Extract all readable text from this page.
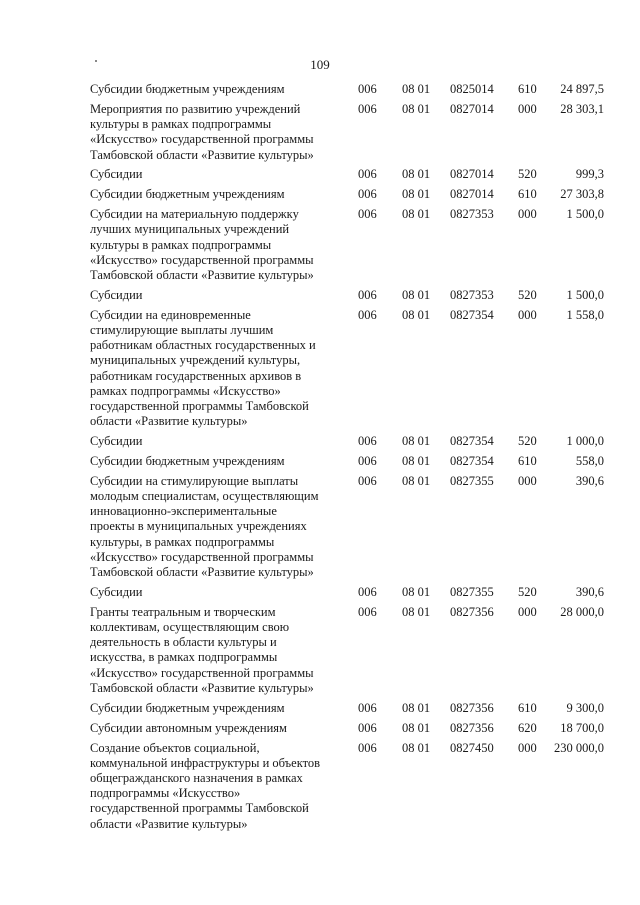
109
Субсидии бюджетным учреждениям	006	08 01	0825014	610	24 897,5
Мероприятия по развитию учреждений
культуры в рамках подпрограммы
«Искусство» государственной программы
Тамбовской области «Развитие культуры»
006	08 01	0827014	000	28 303,1
Субсидии	006	08 01	0827014	520	999,3
Субсидии бюджетным учреждениям	006	08 01	0827014	610	27 303,8
Субсидии на материальную поддержку
лучших муниципальных учреждений
культуры в рамках подпрограммы
«Искусство» государственной программы
Тамбовской области «Развитие культуры»
006	08 01	0827353	000	1 500,0
Субсидии	006	08 01	0827353	520	1 500,0
Субсидии на единовременные
стимулирующие выплаты лучшим
работникам областных государственных и
муниципальных учреждений культуры,
работникам государственных архивов в
рамках подпрограммы «Искусство»
государственной программы Тамбовской
области «Развитие культуры»
006	08 01	0827354	000	1 558,0
Субсидии	006	08 01	0827354	520	1 000,0
Субсидии бюджетным учреждениям	006	08 01	0827354	610	558,0
Субсидии на стимулирующие выплаты
молодым специалистам, осуществляющим
инновационно-экспериментальные
проекты в муниципальных учреждениях
культуры, в рамках подпрограммы
«Искусство» государственной программы
Тамбовской области «Развитие культуры»
006	08 01	0827355	000	390,6
Субсидии	006	08 01	0827355	520	390,6
Гранты театральным и творческим
коллективам, осуществляющим свою
деятельность в области культуры и
искусства, в рамках подпрограммы
«Искусство» государственной программы
Тамбовской области «Развитие культуры»
006	08 01	0827356	000	28 000,0
Субсидии бюджетным учреждениям	006	08 01	0827356	610	9 300,0
Субсидии автономным учреждениям	006	08 01	0827356	620	18 700,0
Создание объектов социальной,
коммунальной инфраструктуры и объектов
общегражданского назначения в рамках
подпрограммы «Искусство»
государственной программы Тамбовской
области «Развитие культуры»
006	08 01	0827450	000	230 000,0
